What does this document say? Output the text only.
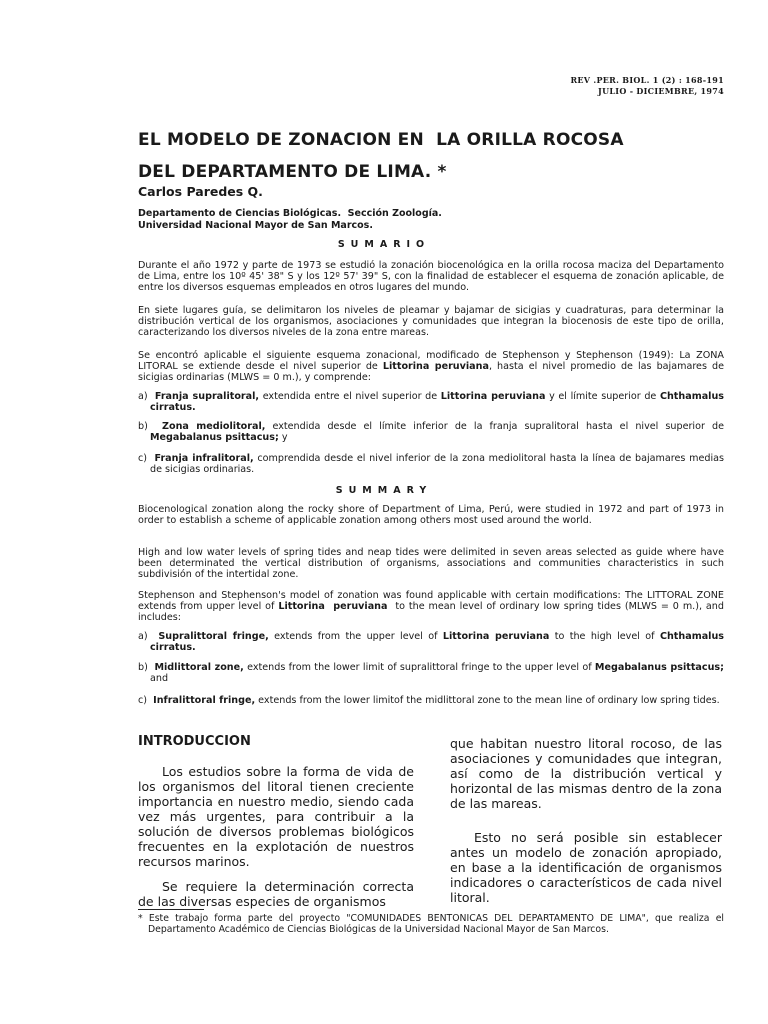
REV .PER. BIOL. 1 (2) : 168-191
JULIO - DICIEMBRE, 1974
EL MODELO DE ZONACION EN  LA ORILLA ROCOSA
DEL DEPARTAMENTO DE LIMA. *
Carlos Paredes Q.
Departamento de Ciencias Biológicas.  Sección Zoología.
Universidad Nacional Mayor de San Marcos.
SUMARIO

Durante el año 1972 y parte de 1973 se estudió la zonación biocenológica en la orilla rocosa maciza del Departamento de Lima, entre los 10º 45' 38" S y los 12º 57' 39" S, con la finalidad de establecer el esquema de zonación aplicable, de entre los diversos esquemas empleados en otros lugares del mundo.

En siete lugares guía, se delimitaron los niveles de pleamar y bajamar de sicigias y cuadraturas, para determinar la distribución vertical de los organismos, asociaciones y comunidades que integran la biocenosis de este tipo de orilla, caracterizando los diversos niveles de la zona entre mareas.

Se encontró aplicable el siguiente esquema zonacional, modificado de Stephenson y Stephenson (1949): La ZONA LITORAL se extiende desde el nivel superior de Littorina peruviana, hasta el nivel promedio de las bajamares de sicigias ordinarias (MLWS = 0 m.), y comprende:

a)  Franja supralitoral, extendida entre el nivel superior de Littorina peruviana y el límite superior de Chthamalus cirratus.

b)  Zona mediolitoral, extendida desde el límite inferior de la franja supralitoral hasta el nivel superior de Megabalanus psittacus; y

c)  Franja infralitoral, comprendida desde el nivel inferior de la zona mediolitoral hasta la línea de bajamares medias de sicigias ordinarias.

SUMMARY

Biocenological zonation along the rocky shore of Department of Lima, Perú, were studied in 1972 and part of 1973 in order to establish a scheme of applicable zonation among others most used around the world.

High and low water levels of spring tides and neap tides were delimited in seven areas selected as guide where have been determinated the vertical distribution of organisms, associations and communities characteristics in such subdivisión of the intertidal zone.

Stephenson and Stephenson's model of zonation was found applicable with certain modifications: The LITTORAL ZONE extends from upper level of Littorina  peruviana  to the mean level of ordinary low spring tides (MLWS = 0 m.), and includes:

a)  Supralittoral fringe, extends from the upper level of Littorina peruviana to the high level of Chthamalus cirratus.

b)  Midlittoral zone, extends from the lower limit of supralittoral fringe to the upper level of Megabalanus psittacus; and

c)  Infralittoral fringe, extends from the lower limitof the midlittoral zone to the mean line of ordinary low spring tides.

INTRODUCCION

Los estudios sobre la forma de vida de los organismos del litoral tienen creciente importancia en nuestro medio, siendo cada vez más urgentes, para contribuir a la solución de diversos problemas biológicos frecuentes en la explotación de nuestros recursos marinos.

Se requiere la determinación correcta de las diversas especies de organismos

que habitan nuestro litoral rocoso, de las asociaciones y comunidades que integran, así como de la distribución vertical y horizontal de las mismas dentro de la zona de las mareas.

Esto no será posible sin establecer antes un modelo de zonación apropiado, en base a la identificación de organismos indicadores o característicos de cada nivel litoral.

* Este trabajo forma parte del proyecto "COMUNIDADES BENTONICAS DEL DEPARTAMENTO DE LIMA", que realiza el Departamento Académico de Ciencias Biológicas de la Universidad Nacional Mayor de San Marcos.
